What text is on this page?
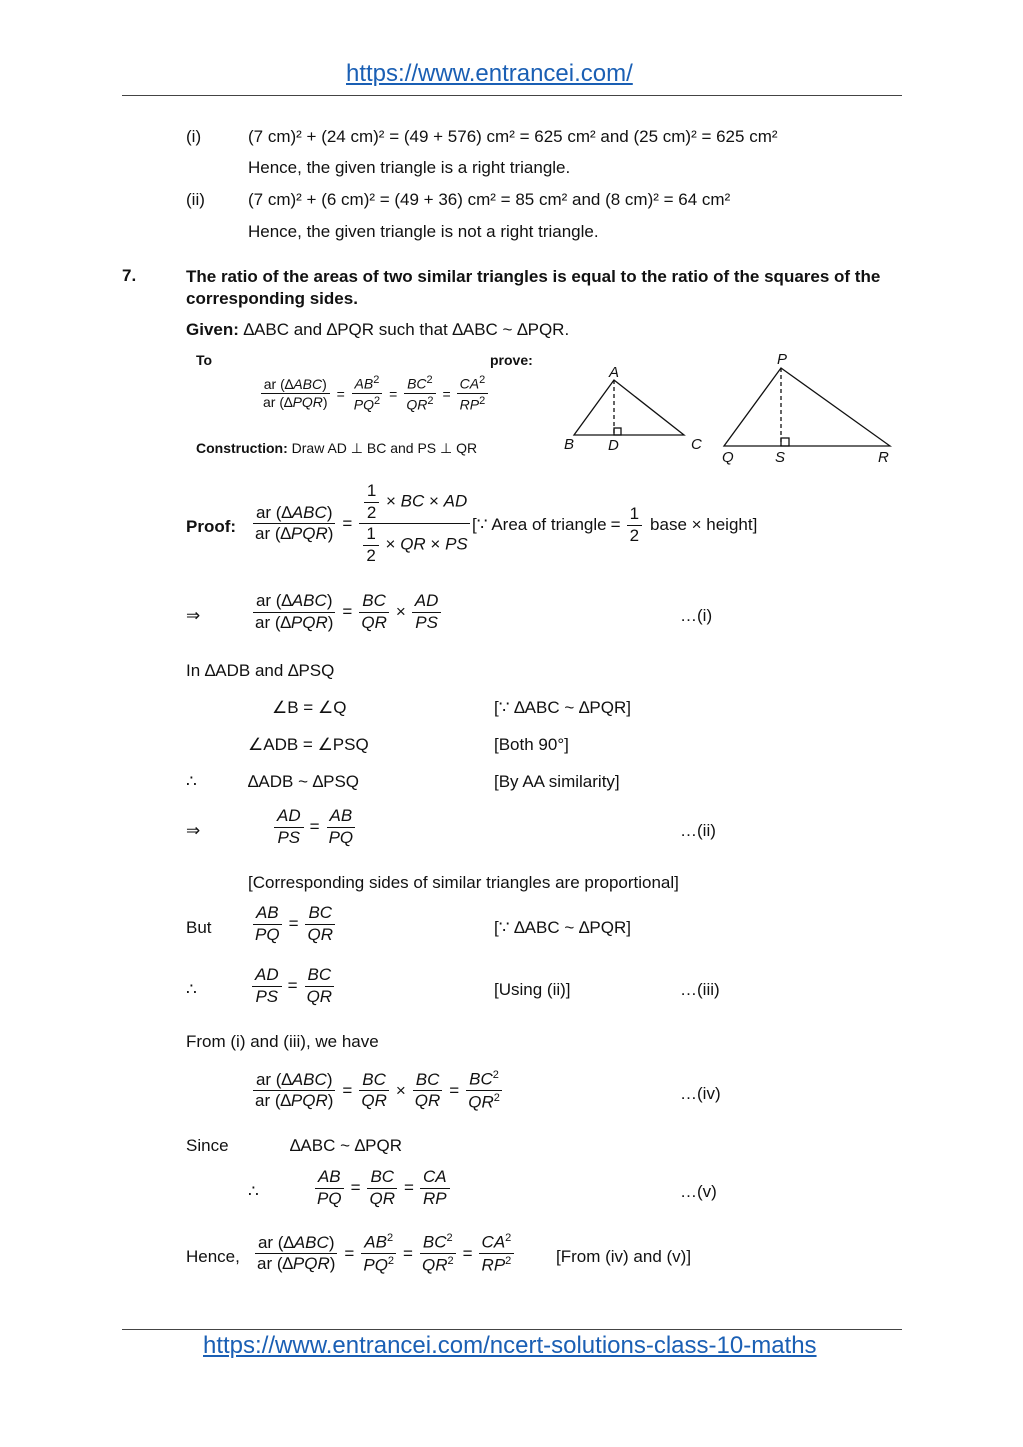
https://www.entrancei.com/
(i)	(7 cm)² + (24 cm)² = (49 + 576) cm² = 625 cm² and (25 cm)² = 625 cm²
Hence, the given triangle is a right triangle.
(ii)	(7 cm)² + (6 cm)² = (49 + 36) cm² = 85 cm² and (8 cm)² = 64 cm²
Hence, the given triangle is not a right triangle.
7.	The ratio of the areas of two similar triangles is equal to the ratio of the squares of the corresponding sides.
Given: ∆ABC and ∆PQR such that ∆ABC ~ ∆PQR.
To	prove:
$\frac{\text{ar (∆ABC)}}{\text{ar (∆PQR)}} = \frac{AB^2}{PQ^2} = \frac{BC^2}{QR^2} = \frac{CA^2}{RP^2}$
Construction: Draw AD ⊥ BC and PS ⊥ QR
A
B	C
D
P
Q	R
S
Proof: $\frac{\text{ar (∆ABC)}}{\text{ar (∆PQR)}} = \frac{\frac{1}{2} \times BC \times AD}{\frac{1}{2} \times QR \times PS}$ [∵ Area of triangle = $\frac{1}{2}$ base × height]
⇒	$\frac{\text{ar (∆ABC)}}{\text{ar (∆PQR)}} = \frac{BC}{QR} \times \frac{AD}{PS}$	…(i)
In ∆ADB and ∆PSQ
∠B = ∠Q	[∵ ∆ABC ~ ∆PQR]
∠ADB = ∠PSQ	[Both 90°]
∴	∆ADB ~ ∆PSQ	[By AA similarity]
⇒	$\frac{AD}{PS} = \frac{AB}{PQ}$	…(ii)
[Corresponding sides of similar triangles are proportional]
But $\frac{AB}{PQ} = \frac{BC}{QR}$	[∵ ∆ABC ~ ∆PQR]
∴	$\frac{AD}{PS} = \frac{BC}{QR}$	[Using (ii)]	…(iii)
From (i) and (iii), we have
$\frac{\text{ar (∆ABC)}}{\text{ar (∆PQR)}} = \frac{BC}{QR} \times \frac{BC}{QR} = \frac{BC^2}{QR^2}$	…(iv)
Since	∆ABC ~ ∆PQR
∴	$\frac{AB}{PQ} = \frac{BC}{QR} = \frac{CA}{RP}$	…(v)
Hence, $\frac{\text{ar (∆ABC)}}{\text{ar (∆PQR)}} = \frac{AB^2}{PQ^2} = \frac{BC^2}{QR^2} = \frac{CA^2}{RP^2}$ [From (iv) and (v)]
https://www.entrancei.com/ncert-solutions-class-10-maths
